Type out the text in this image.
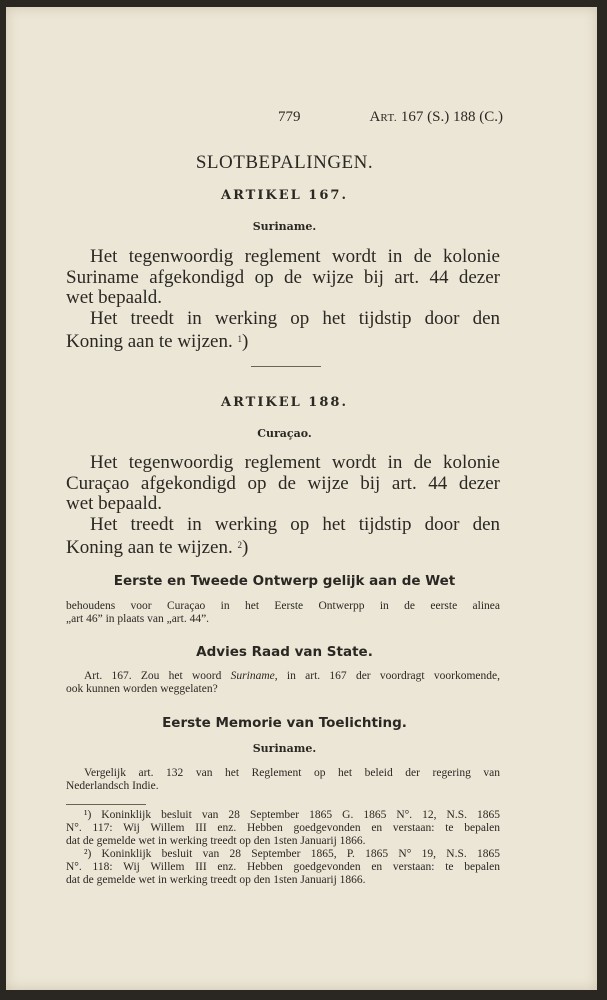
779	ART. 167 (S.) 188 (C.)
SLOTBEPALINGEN.
ARTIKEL 167.
Suriname.
Het tegenwoordig reglement wordt in de kolonie
Suriname afgekondigd op de wijze bij art. 44 dezer
wet bepaald.
Het treedt in werking op het tijdstip door den
Koning aan te wijzen. $^1$)
ARTIKEL 188.
Curaçao.
Het tegenwoordig reglement wordt in de kolonie
Curaçao afgekondigd op de wijze bij art. 44 dezer
wet bepaald.
Het treedt in werking op het tijdstip door den
Koning aan te wijzen. $^2$)
Eerste en Tweede Ontwerp gelijk aan de Wet
behoudens voor Curaçao in het Eerste Ontwerpp in de eerste alinea
„art 46” in plaats van „art. 44”.
Advies Raad van State.
Art. 167. Zou het woord Suriname, in art. 167 der voordragt voorkomende,
ook kunnen worden weggelaten?
Eerste Memorie van Toelichting.
Suriname.
Vergelijk art. 132 van het Reglement op het beleid der regering van
Nederlandsch Indie.
¹) Koninklijk besluit van 28 September 1865 G. 1865 N°. 12, N.S. 1865
N°. 117: Wij Willem III enz. Hebben goedgevonden en verstaan: te bepalen
dat de gemelde wet in werking treedt op den 1sten Januarij 1866.
²) Koninklijk besluit van 28 September 1865, P. 1865 N° 19, N.S. 1865
N°. 118: Wij Willem III enz. Hebben goedgevonden en verstaan: te bepalen
dat de gemelde wet in werking treedt op den 1sten Januarij 1866.
